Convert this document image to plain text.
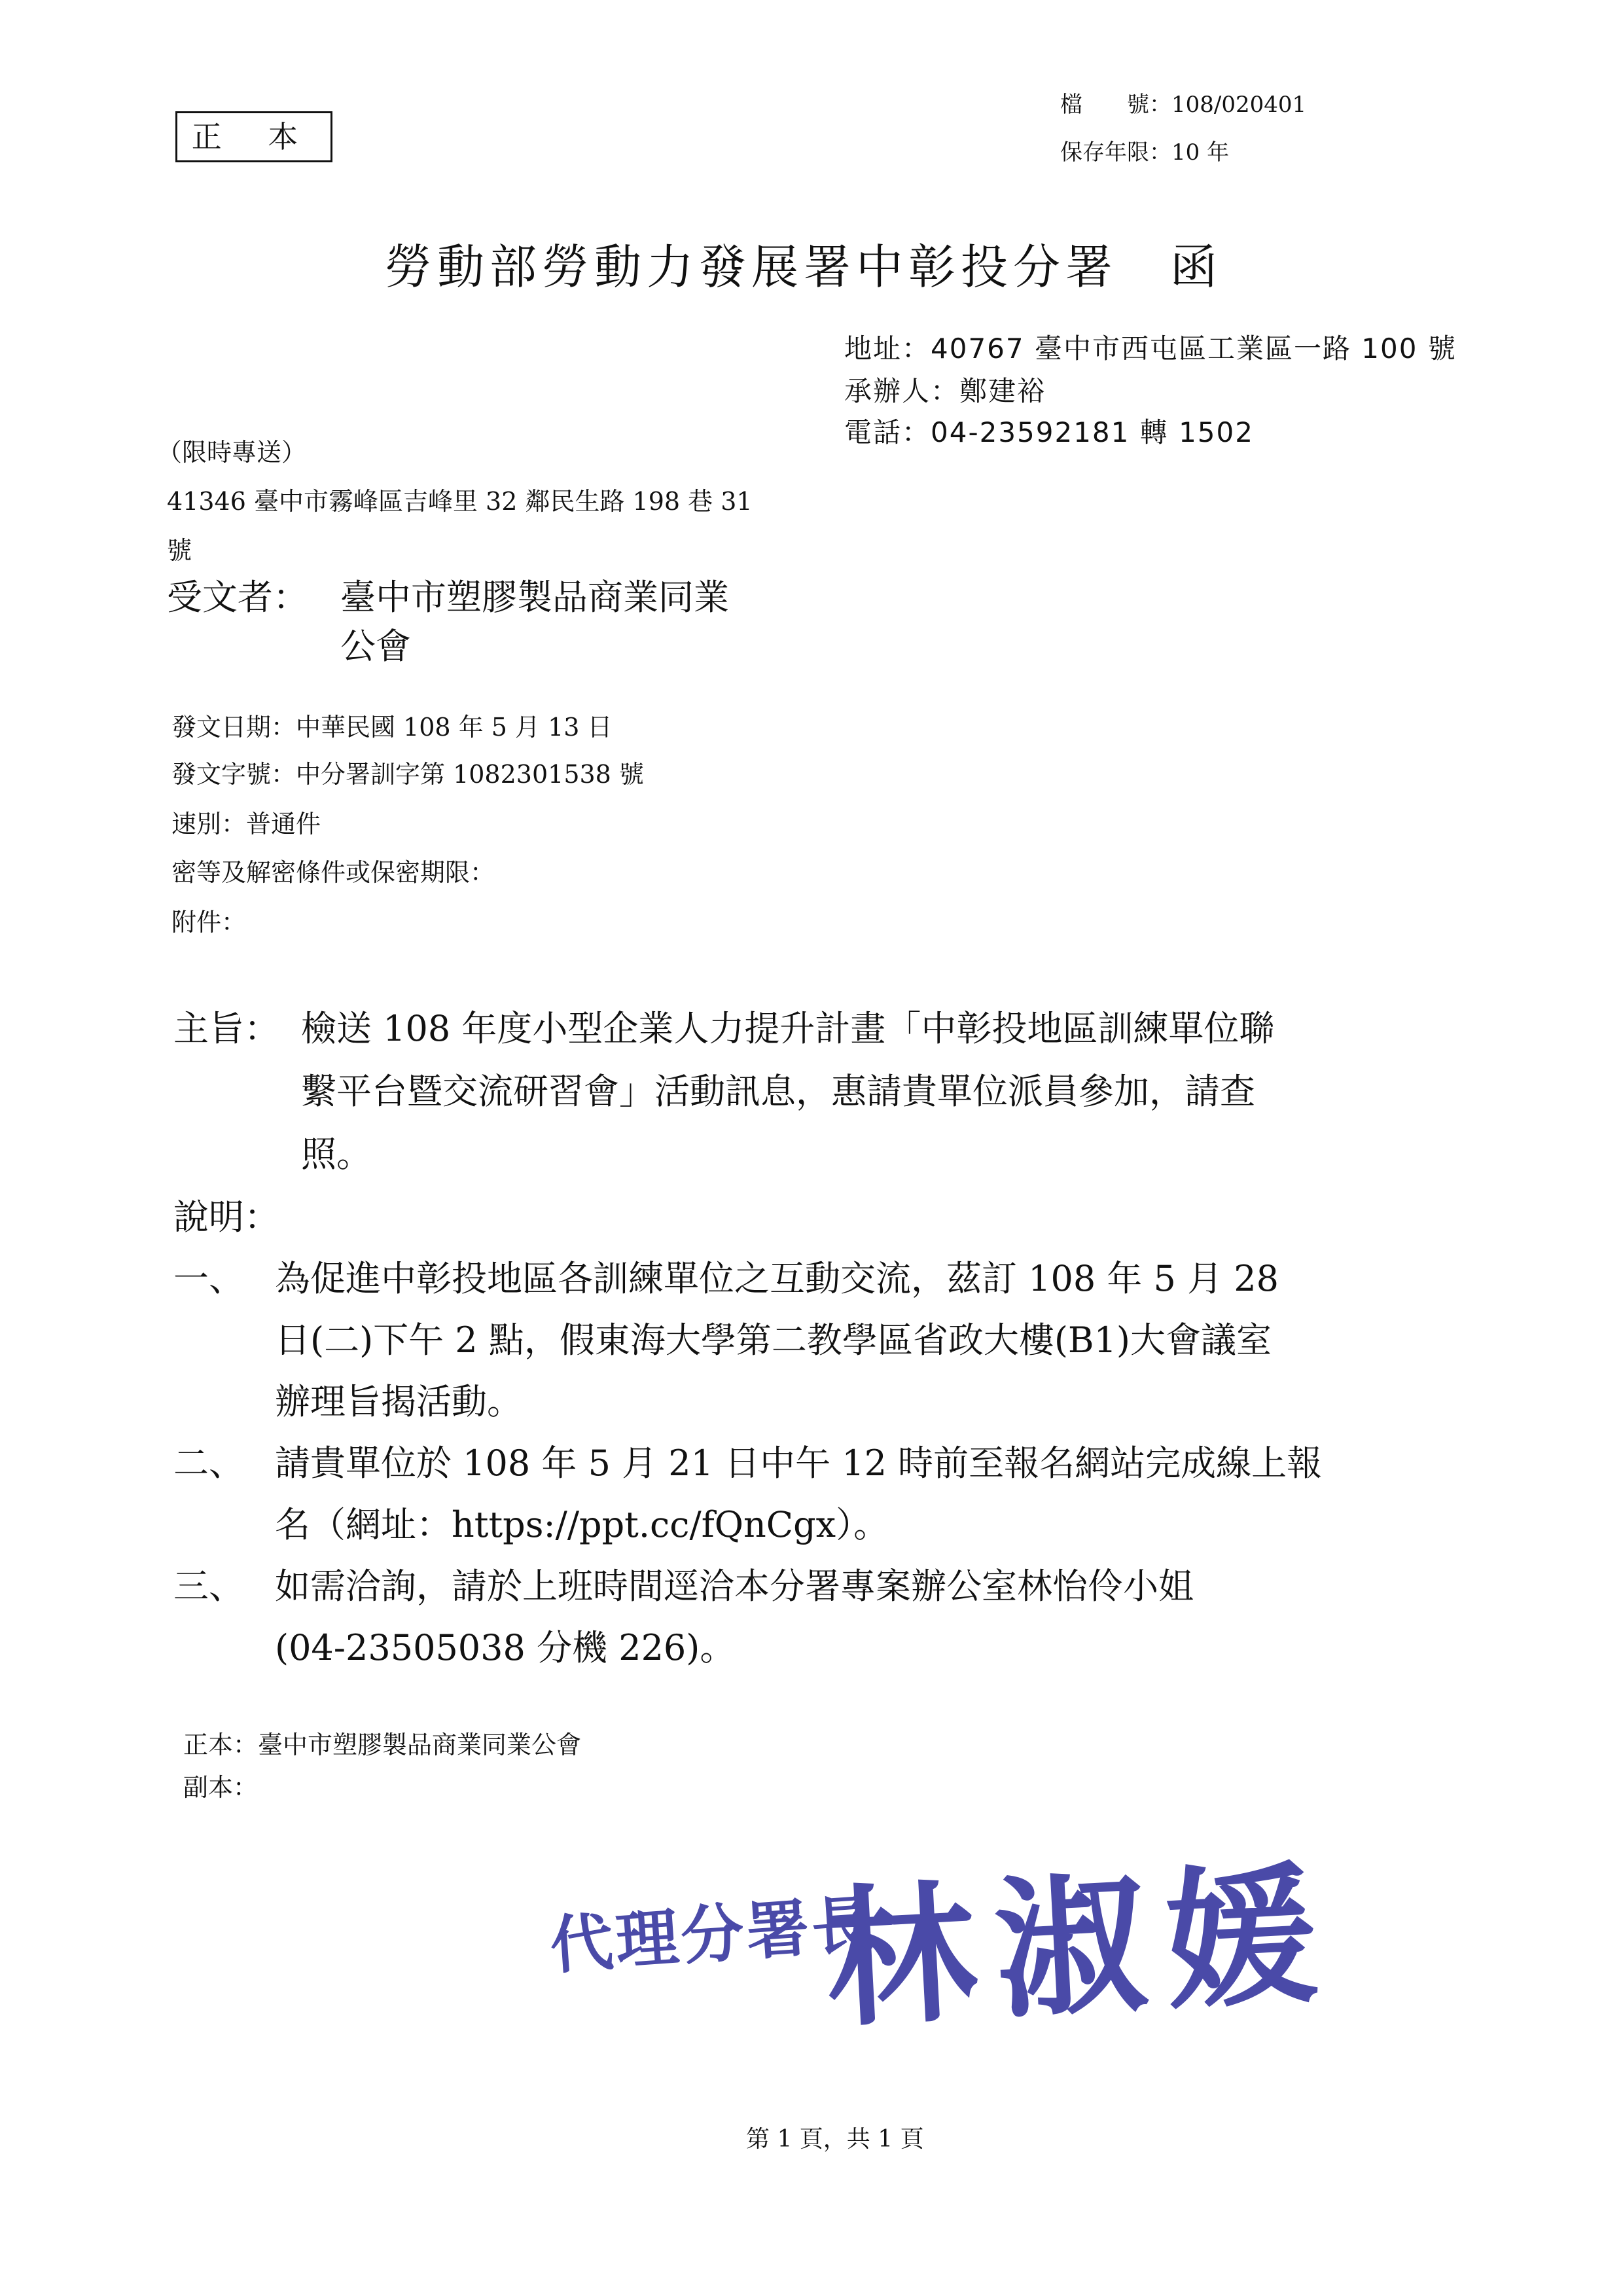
正 本
檔　　號：108/020401
保存年限：10 年
勞動部勞動力發展署中彰投分署　函
地址：40767 臺中市西屯區工業區一路 100 號
承辦人：鄭建裕
電話：04-23592181 轉 1502
（限時專送）
41346 臺中市霧峰區吉峰里 32 鄰民生路 198 巷 31
號
受文者： 臺中市塑膠製品商業同業
公會
發文日期：中華民國 108 年 5 月 13 日
發文字號：中分署訓字第 1082301538 號
速別：普通件
密等及解密條件或保密期限：
附件：
主旨： 檢送 108 年度小型企業人力提升計畫「中彰投地區訓練單位聯
繫平台暨交流研習會」活動訊息，惠請貴單位派員參加，請查
照。
說明：
一、 為促進中彰投地區各訓練單位之互動交流，茲訂 108 年 5 月 28
日(二)下午 2 點，假東海大學第二教學區省政大樓(B1)大會議室
辦理旨揭活動。
二、 請貴單位於 108 年 5 月 21 日中午 12 時前至報名網站完成線上報
名（網址：https://ppt.cc/fQnCgx）。
三、 如需洽詢，請於上班時間逕洽本分署專案辦公室林怡伶小姐
(04-23505038 分機 226)。
正本：臺中市塑膠製品商業同業公會
副本：
代理分署長
林淑媛
第 1 頁，共 1 頁
